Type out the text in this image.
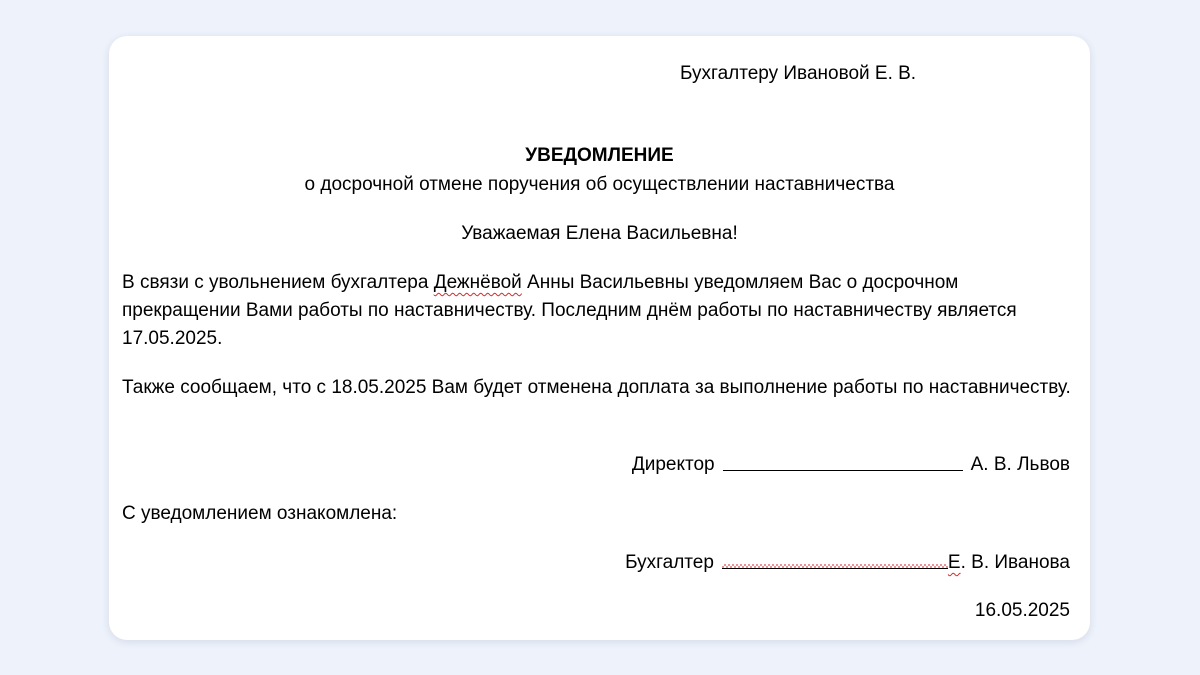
Бухгалтеру Ивановой Е. В.
УВЕДОМЛЕНИЕ
о досрочной отмене поручения об осуществлении наставничества
Уважаемая Елена Васильевна!
В связи с увольнением бухгалтера Дежнёвой Анны Васильевны уведомляем Вас о досрочном прекращении Вами работы по наставничеству. Последним днём работы по наставничеству является 17.05.2025.
Также сообщаем, что с 18.05.2025 Вам будет отменена доплата за выполнение работы по наставничеству.
Директор	А. В. Львов
С уведомлением ознакомлена:
Бухгалтер	Е . В. Иванова
16.05.2025
